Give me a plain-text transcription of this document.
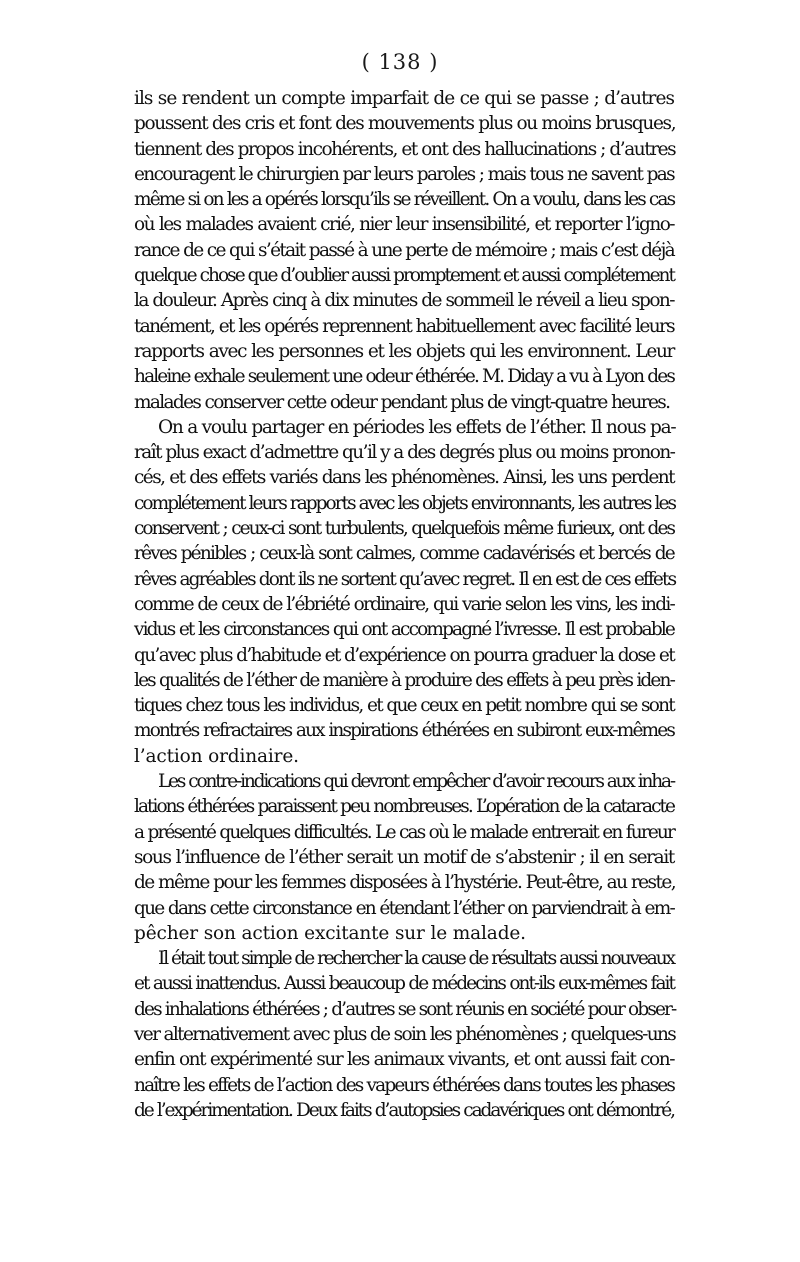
( 138 )
ils se rendent un compte imparfait de ce qui se passe ; d’autres
poussent des cris et font des mouvements plus ou moins brusques,
tiennent des propos incohérents, et ont des hallucinations ; d’autres
encouragent le chirurgien par leurs paroles ; mais tous ne savent pas
même si on les a opérés lorsqu’ils se réveillent. On a voulu, dans les cas
où les malades avaient crié, nier leur insensibilité, et reporter l’igno-
rance de ce qui s’était passé à une perte de mémoire ; mais c’est déjà
quelque chose que d’oublier aussi promptement et aussi complétement
la douleur. Après cinq à dix minutes de sommeil le réveil a lieu spon-
tanément, et les opérés reprennent habituellement avec facilité leurs
rapports avec les personnes et les objets qui les environnent. Leur
haleine exhale seulement une odeur éthérée. M. Diday a vu à Lyon des
malades conserver cette odeur pendant plus de vingt-quatre heures.
On a voulu partager en périodes les effets de l’éther. Il nous pa-
raît plus exact d’admettre qu’il y a des degrés plus ou moins pronon-
cés, et des effets variés dans les phénomènes. Ainsi, les uns perdent
complétement leurs rapports avec les objets environnants, les autres les
conservent ; ceux-ci sont turbulents, quelquefois même furieux, ont des
rêves pénibles ; ceux-là sont calmes, comme cadavérisés et bercés de
rêves agréables dont ils ne sortent qu’avec regret. Il en est de ces effets
comme de ceux de l’ébriété ordinaire, qui varie selon les vins, les indi-
vidus et les circonstances qui ont accompagné l’ivresse. Il est probable
qu’avec plus d’habitude et d’expérience on pourra graduer la dose et
les qualités de l’éther de manière à produire des effets à peu près iden-
tiques chez tous les individus, et que ceux en petit nombre qui se sont
montrés refractaires aux inspirations éthérées en subiront eux-mêmes
l’action ordinaire.
Les contre-indications qui devront empêcher d’avoir recours aux inha-
lations éthérées paraissent peu nombreuses. L’opération de la cataracte
a présenté quelques difficultés. Le cas où le malade entrerait en fureur
sous l’influence de l’éther serait un motif de s’abstenir ; il en serait
de même pour les femmes disposées à l’hystérie. Peut-être, au reste,
que dans cette circonstance en étendant l’éther on parviendrait à em-
pêcher son action excitante sur le malade.
Il était tout simple de rechercher la cause de résultats aussi nouveaux
et aussi inattendus. Aussi beaucoup de médecins ont-ils eux-mêmes fait
des inhalations éthérées ; d’autres se sont réunis en société pour obser-
ver alternativement avec plus de soin les phénomènes ; quelques-uns
enfin ont expérimenté sur les animaux vivants, et ont aussi fait con-
naître les effets de l’action des vapeurs éthérées dans toutes les phases
de l’expérimentation. Deux faits d’autopsies cadavériques ont démontré,
